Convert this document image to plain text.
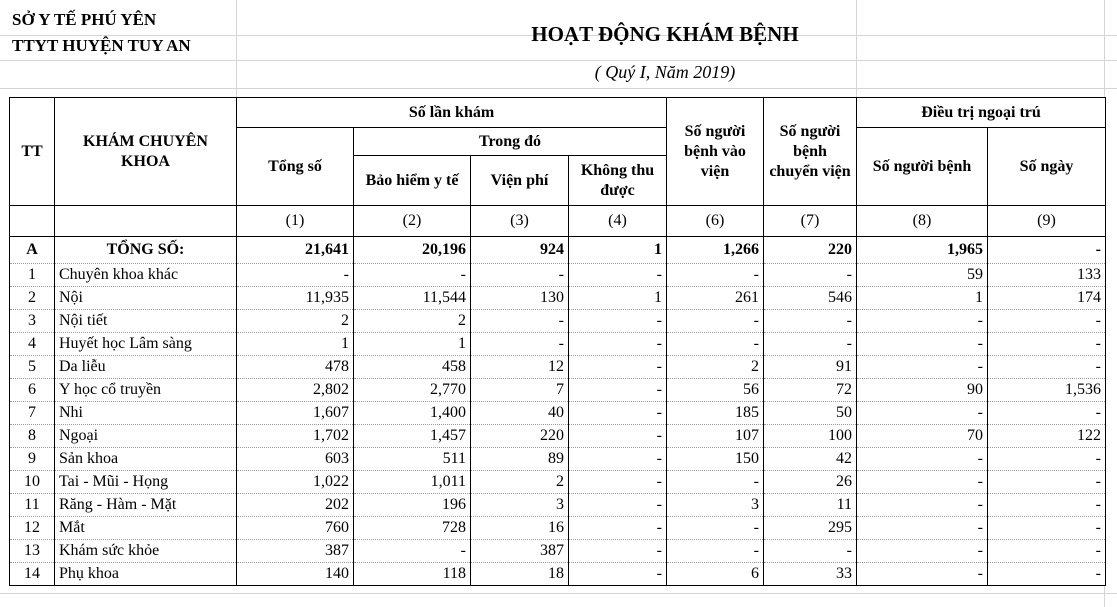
SỞ Y TẾ PHÚ YÊN
TTYT HUYỆN TUY AN	HOẠT ĐỘNG KHÁM BỆNH
( Quý I, Năm 2019)
TT	KHÁM CHUYÊN KHOA	Số lần khám				Số người bệnh vào viện	Số người bệnh chuyển viện	Điều trị ngoại trú	
		Tổng số	Trong đó					Số người bệnh	Số ngày
			Bảo hiểm y tế	Viện phí	Không thu được				
		(1)	(2)	(3)	(4)	(6)	(7)	(8)	(9)
A	TỔNG SỐ:	21,641	20,196	924	1	1,266	220	1,965	-
1	Chuyên khoa khác	-	-	-	-	-	-	59	133
2	Nội	11,935	11,544	130	1	261	546	1	174
3	Nội tiết	2	2	-	-	-	-	-	-
4	Huyết học Lâm sàng	1	1	-	-	-	-	-	-
5	Da liễu	478	458	12	-	2	91	-	-
6	Y học cổ truyền	2,802	2,770	7	-	56	72	90	1,536
7	Nhi	1,607	1,400	40	-	185	50	-	-
8	Ngoại	1,702	1,457	220	-	107	100	70	122
9	Sản khoa	603	511	89	-	150	42	-	-
10	Tai - Mũi - Họng	1,022	1,011	2	-	-	26	-	-
11	Răng - Hàm - Mặt	202	196	3	-	3	11	-	-
12	Mắt	760	728	16	-	-	295	-	-
13	Khám sức khỏe	387	-	387	-	-	-	-	-
14	Phụ khoa	140	118	18	-	6	33	-	-
